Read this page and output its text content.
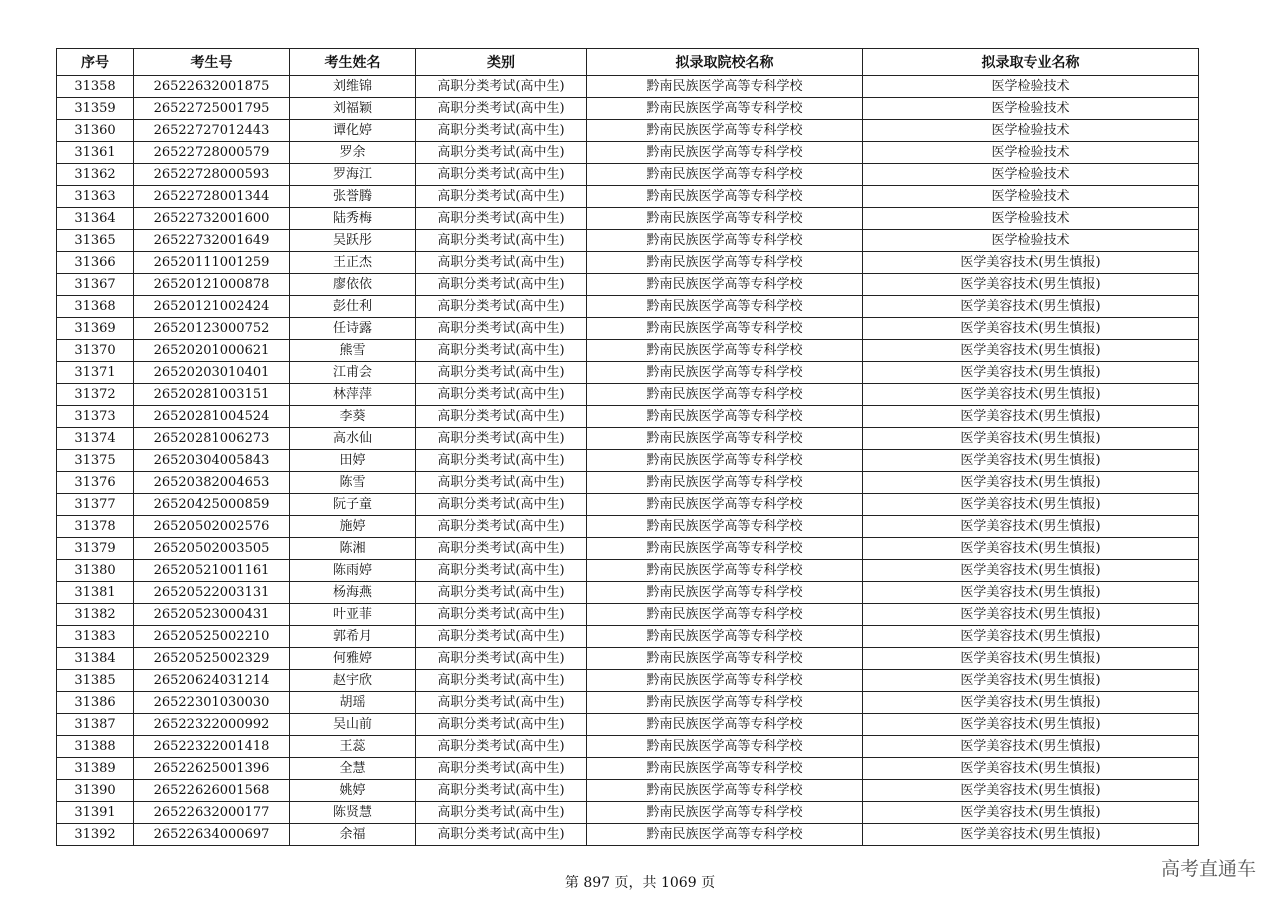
序号	考生号	考生姓名	类别	拟录取院校名称	拟录取专业名称
31358	26522632001875	刘维锦	高职分类考试(高中生)	黔南民族医学高等专科学校	医学检验技术
31359	26522725001795	刘福颖	高职分类考试(高中生)	黔南民族医学高等专科学校	医学检验技术
31360	26522727012443	谭化婷	高职分类考试(高中生)	黔南民族医学高等专科学校	医学检验技术
31361	26522728000579	罗余	高职分类考试(高中生)	黔南民族医学高等专科学校	医学检验技术
31362	26522728000593	罗海江	高职分类考试(高中生)	黔南民族医学高等专科学校	医学检验技术
31363	26522728001344	张誉腾	高职分类考试(高中生)	黔南民族医学高等专科学校	医学检验技术
31364	26522732001600	陆秀梅	高职分类考试(高中生)	黔南民族医学高等专科学校	医学检验技术
31365	26522732001649	吴跃彤	高职分类考试(高中生)	黔南民族医学高等专科学校	医学检验技术
31366	26520111001259	王正杰	高职分类考试(高中生)	黔南民族医学高等专科学校	医学美容技术(男生慎报)
31367	26520121000878	廖依依	高职分类考试(高中生)	黔南民族医学高等专科学校	医学美容技术(男生慎报)
31368	26520121002424	彭仕利	高职分类考试(高中生)	黔南民族医学高等专科学校	医学美容技术(男生慎报)
31369	26520123000752	任诗露	高职分类考试(高中生)	黔南民族医学高等专科学校	医学美容技术(男生慎报)
31370	26520201000621	熊雪	高职分类考试(高中生)	黔南民族医学高等专科学校	医学美容技术(男生慎报)
31371	26520203010401	江甫会	高职分类考试(高中生)	黔南民族医学高等专科学校	医学美容技术(男生慎报)
31372	26520281003151	林萍萍	高职分类考试(高中生)	黔南民族医学高等专科学校	医学美容技术(男生慎报)
31373	26520281004524	李葵	高职分类考试(高中生)	黔南民族医学高等专科学校	医学美容技术(男生慎报)
31374	26520281006273	高水仙	高职分类考试(高中生)	黔南民族医学高等专科学校	医学美容技术(男生慎报)
31375	26520304005843	田婷	高职分类考试(高中生)	黔南民族医学高等专科学校	医学美容技术(男生慎报)
31376	26520382004653	陈雪	高职分类考试(高中生)	黔南民族医学高等专科学校	医学美容技术(男生慎报)
31377	26520425000859	阮子童	高职分类考试(高中生)	黔南民族医学高等专科学校	医学美容技术(男生慎报)
31378	26520502002576	施婷	高职分类考试(高中生)	黔南民族医学高等专科学校	医学美容技术(男生慎报)
31379	26520502003505	陈湘	高职分类考试(高中生)	黔南民族医学高等专科学校	医学美容技术(男生慎报)
31380	26520521001161	陈雨婷	高职分类考试(高中生)	黔南民族医学高等专科学校	医学美容技术(男生慎报)
31381	26520522003131	杨海燕	高职分类考试(高中生)	黔南民族医学高等专科学校	医学美容技术(男生慎报)
31382	26520523000431	叶亚菲	高职分类考试(高中生)	黔南民族医学高等专科学校	医学美容技术(男生慎报)
31383	26520525002210	郭希月	高职分类考试(高中生)	黔南民族医学高等专科学校	医学美容技术(男生慎报)
31384	26520525002329	何雅婷	高职分类考试(高中生)	黔南民族医学高等专科学校	医学美容技术(男生慎报)
31385	26520624031214	赵宇欣	高职分类考试(高中生)	黔南民族医学高等专科学校	医学美容技术(男生慎报)
31386	26522301030030	胡瑶	高职分类考试(高中生)	黔南民族医学高等专科学校	医学美容技术(男生慎报)
31387	26522322000992	吴山前	高职分类考试(高中生)	黔南民族医学高等专科学校	医学美容技术(男生慎报)
31388	26522322001418	王蕊	高职分类考试(高中生)	黔南民族医学高等专科学校	医学美容技术(男生慎报)
31389	26522625001396	全慧	高职分类考试(高中生)	黔南民族医学高等专科学校	医学美容技术(男生慎报)
31390	26522626001568	姚婷	高职分类考试(高中生)	黔南民族医学高等专科学校	医学美容技术(男生慎报)
31391	26522632000177	陈贤慧	高职分类考试(高中生)	黔南民族医学高等专科学校	医学美容技术(男生慎报)
31392	26522634000697	余福	高职分类考试(高中生)	黔南民族医学高等专科学校	医学美容技术(男生慎报)
第 897 页，共 1069 页
高考直通车
